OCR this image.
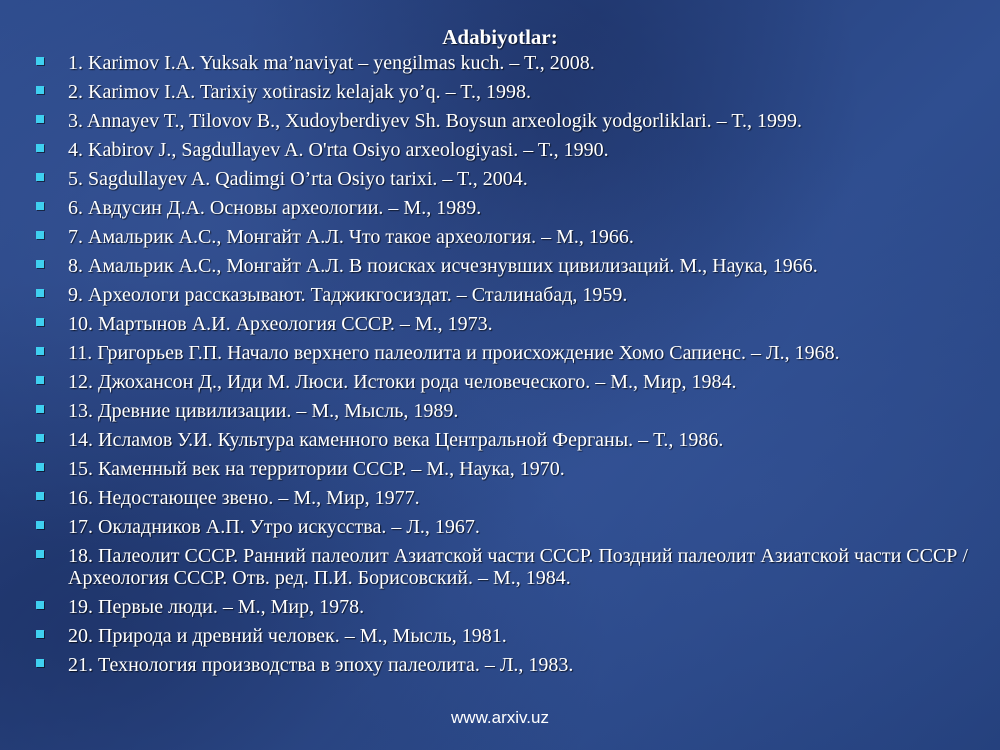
Adabiyotlar:
1. Karimov I.A. Yuksak ma’naviyat – yengilmas kuch. – T., 2008.
2. Karimov I.A. Tarixiy xotirasiz kelajak yo’q. – T., 1998.
3. Annayev T., Tilovov B., Xudoyberdiyev Sh. Boysun arxeologik yodgorliklari. – T., 1999.
4. Kabirov J., Sagdullayev A. O'rta Osiyo arxeologiyasi. – T., 1990.
5. Sagdullayev A. Qadimgi O’rta Osiyo tarixi. – T., 2004.
6. Авдусин Д.А. Основы археологии. – М., 1989.
7. Амальрик А.С., Монгайт А.Л. Что такое археология. – М., 1966.
8. Амальрик А.С., Монгайт А.Л. В поисках исчезнувших цивилизаций. М., Наука, 1966.
9. Археологи рассказывают. Таджикгосиздат. – Сталинабад, 1959.
10. Мартынов А.И. Археология СССР. – М., 1973.
11. Григорьев Г.П. Начало верхнего палеолита и происхождение Хомо Сапиенс. – Л., 1968.
12. Джохансон Д., Иди М. Люси. Истоки рода человеческого. – М., Мир, 1984.
13. Древние цивилизации. – М., Мысль, 1989.
14. Исламов У.И. Культура каменного века Центральной Ферганы. – Т., 1986.
15. Каменный век на территории СССР. – М., Наука, 1970.
16. Недостающее звено. – М., Мир, 1977.
17. Окладников А.П. Утро искусства. – Л., 1967.
18. Палеолит СССР. Ранний палеолит Азиатской части СССР. Поздний палеолит Азиатской части СССР /Археология СССР. Отв. ред. П.И. Борисовский. – М., 1984.
19. Первые люди. – М., Мир, 1978.
20. Природа и древний человек. – М., Мысль, 1981.
21. Технология производства в эпоху палеолита. – Л., 1983.
www.arxiv.uz
